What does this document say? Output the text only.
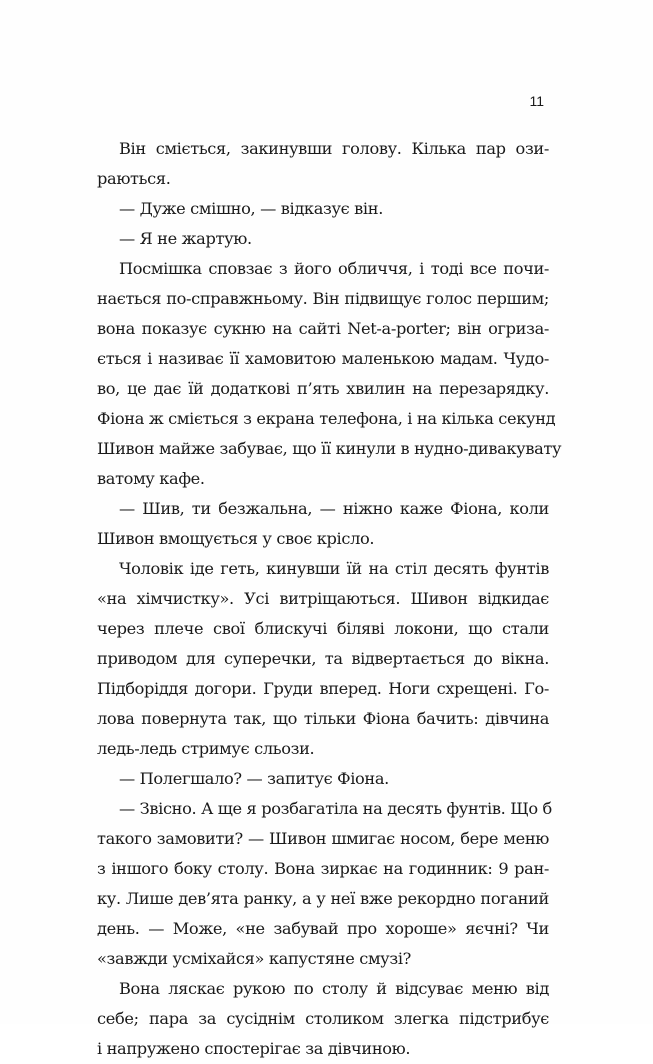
11
Він сміється, закинувши голову. Кілька пар ози-
раються.
— Дуже смішно, — відказує він.
— Я не жартую.
Посмішка сповзає з його обличчя, і тоді все почи-
нається по-справжньому. Він підвищує голос першим;
вона показує сукню на сайті Net-a-porter; він огриза-
ється і називає її хамовитою маленькою мадам. Чудо-
во, це дає їй додаткові п’ять хвилин на перезарядку.
Фіона ж сміється з екрана телефона, і на кілька секунд
Шивон майже забуває, що її кинули в нудно-дивакувату
ватому кафе.
— Шив, ти безжальна, — ніжно каже Фіона, коли
Шивон вмощується у своє крісло.
Чоловік іде геть, кинувши їй на стіл десять фунтів
«на хімчистку». Усі витріщаються. Шивон відкидає
через плече свої блискучі біляві локони, що стали
приводом для суперечки, та відвертається до вікна.
Підборіддя догори. Груди вперед. Ноги схрещені. Го-
лова повернута так, що тільки Фіона бачить: дівчина
ледь-ледь стримує сльози.
— Полегшало? — запитує Фіона.
— Звісно. А ще я розбагатіла на десять фунтів. Що б
такого замовити? — Шивон шмигає носом, бере меню
з іншого боку столу. Вона зиркає на годинник: 9 ран-
ку. Лише дев’ята ранку, а у неї вже рекордно поганий
день. — Може, «не забувай про хороше» яєчні? Чи
«завжди усміхайся» капустяне смузі?
Вона ляскає рукою по столу й відсуває меню від
себе; пара за сусіднім столиком злегка підстрибує
і напружено спостерігає за дівчиною.
